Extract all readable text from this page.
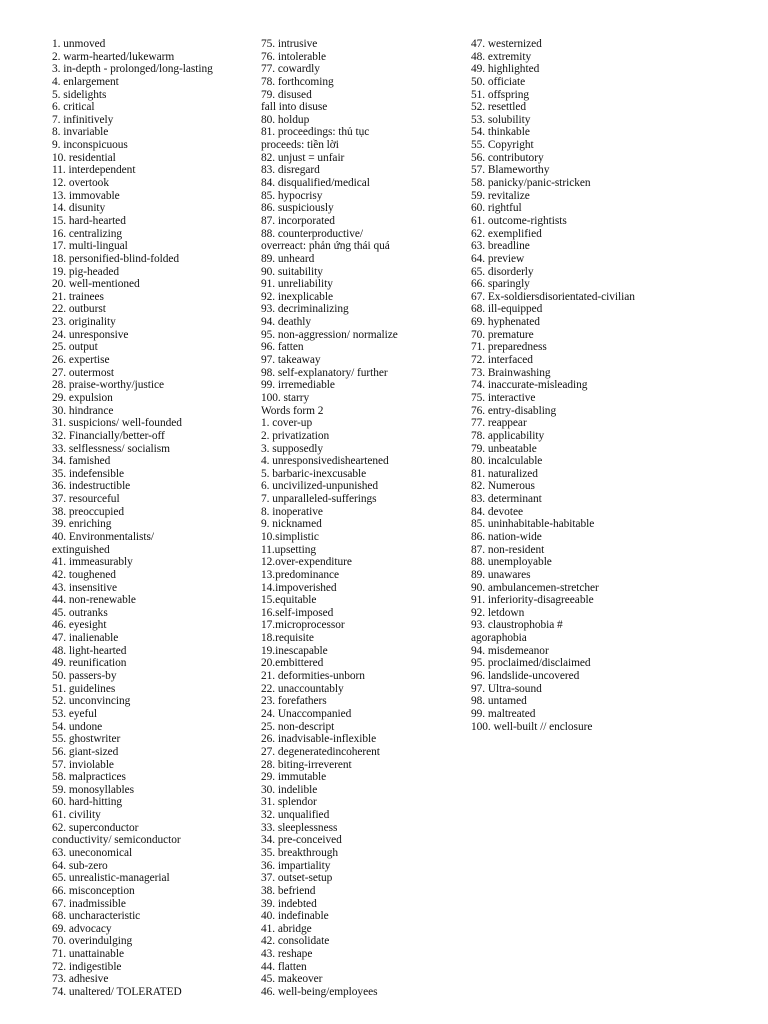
1. unmoved
2. warm-hearted/lukewarm
3. in-depth - prolonged/long-lasting
4. enlargement
5. sidelights
6. critical
7. infinitively
8. invariable
9. inconspicuous
10. residential
11. interdependent
12. overtook
13. immovable
14. disunity
15. hard-hearted
16. centralizing
17. multi-lingual
18. personified-blind-folded
19. pig-headed
20. well-mentioned
21. trainees
22. outburst
23. originality
24. unresponsive
25. output
26. expertise
27. outermost
28. praise-worthy/justice
29. expulsion
30. hindrance
31. suspicions/ well-founded
32. Financially/better-off
33. selflessness/ socialism
34. famished
35. indefensible
36. indestructible
37. resourceful
38. preoccupied
39. enriching
40. Environmentalists/
extinguished
41. immeasurably
42. toughened
43. insensitive
44. non-renewable
45. outranks
46. eyesight
47. inalienable
48. light-hearted
49. reunification
50. passers-by
51. guidelines
52. unconvincing
53. eyeful
54. undone
55. ghostwriter
56. giant-sized
57. inviolable
58. malpractices
59. monosyllables
60. hard-hitting
61. civility
62. superconductor
conductivity/ semiconductor
63. uneconomical
64. sub-zero
65. unrealistic-managerial
66. misconception
67. inadmissible
68. uncharacteristic
69. advocacy
70. overindulging
71. unattainable
72. indigestible
73. adhesive
74. unaltered/ TOLERATED
75. intrusive
76. intolerable
77. cowardly
78. forthcoming
79. disused
fall into disuse
80. holdup
81. proceedings: thủ tục
proceeds: tiền lời
82. unjust = unfair
83. disregard
84. disqualified/medical
85. hypocrisy
86. suspiciously
87. incorporated
88. counterproductive/
overreact: phản ứng thái quá
89. unheard
90. suitability
91. unreliability
92. inexplicable
93. decriminalizing
94. deathly
95. non-aggression/ normalize
96. fatten
97. takeaway
98. self-explanatory/ further
99. irremediable
100. starry
Words form 2
1. cover-up
2. privatization
3. supposedly
4. unresponsivedisheartened
5. barbaric-inexcusable
6. uncivilized-unpunished
7. unparalleled-sufferings
8. inoperative
9. nicknamed
10.simplistic
11.upsetting
12.over-expenditure
13.predominance
14.impoverished
15.equitable
16.self-imposed
17.microprocessor
18.requisite
19.inescapable
20.embittered
21. deformities-unborn
22. unaccountably
23. forefathers
24. Unaccompanied
25. non-descript
26. inadvisable-inflexible
27. degeneratedincoherent
28. biting-irreverent
29. immutable
30. indelible
31. splendor
32. unqualified
33. sleeplessness
34. pre-conceived
35. breakthrough
36. impartiality
37. outset-setup
38. befriend
39. indebted
40. indefinable
41. abridge
42. consolidate
43. reshape
44. flatten
45. makeover
46. well-being/employees
47. westernized
48. extremity
49. highlighted
50. officiate
51. offspring
52. resettled
53. solubility
54. thinkable
55. Copyright
56. contributory
57. Blameworthy
58. panicky/panic-stricken
59. revitalize
60. rightful
61. outcome-rightists
62. exemplified
63. breadline
64. preview
65. disorderly
66. sparingly
67. Ex-soldiersdisorientated-civilian
68. ill-equipped
69. hyphenated
70. premature
71. preparedness
72. interfaced
73. Brainwashing
74. inaccurate-misleading
75. interactive
76. entry-disabling
77. reappear
78. applicability
79. unbeatable
80. incalculable
81. naturalized
82. Numerous
83. determinant
84. devotee
85. uninhabitable-habitable
86. nation-wide
87. non-resident
88. unemployable
89. unawares
90. ambulancemen-stretcher
91. inferiority-disagreeable
92. letdown
93. claustrophobia #
agoraphobia
94. misdemeanor
95. proclaimed/disclaimed
96. landslide-uncovered
97. Ultra-sound
98. untamed
99. maltreated
100. well-built // enclosure
